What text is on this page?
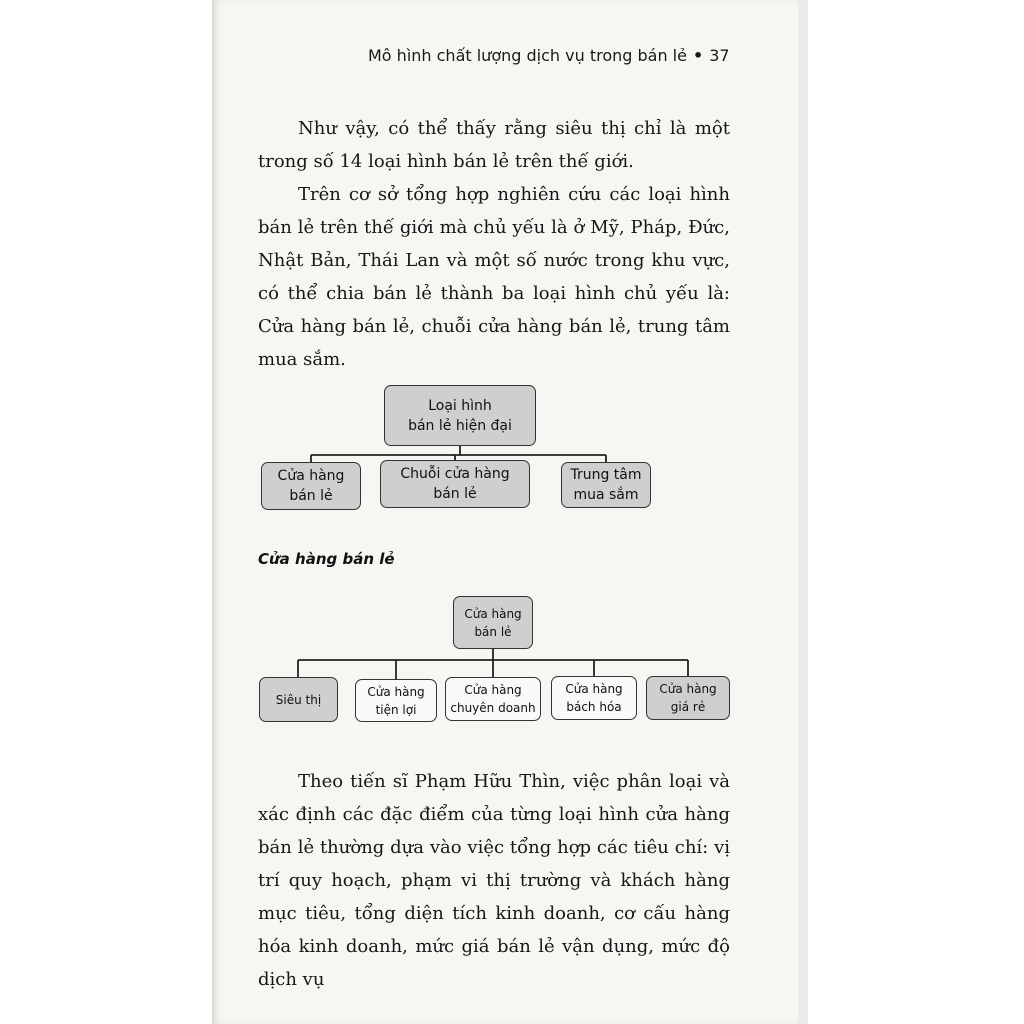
Mô hình chất lượng dịch vụ trong bán lẻ • 37

Như vậy, có thể thấy rằng siêu thị chỉ là một trong số 14 loại hình bán lẻ trên thế giới.

Trên cơ sở tổng hợp nghiên cứu các loại hình bán lẻ trên thế giới mà chủ yếu là ở Mỹ, Pháp, Đức, Nhật Bản, Thái Lan và một số nước trong khu vực, có thể chia bán lẻ thành ba loại hình chủ yếu là: Cửa hàng bán lẻ, chuỗi cửa hàng bán lẻ, trung tâm mua sắm.

Loại hình
bán lẻ hiện đại
Cửa hàng
bán lẻ
Chuỗi cửa hàng
bán lẻ
Trung tâm
mua sắm
Cửa hàng bán lẻ
Cửa hàng
bán lẻ
Siêu thị
Cửa hàng
tiện lợi
Cửa hàng
chuyên doanh
Cửa hàng
bách hóa
Cửa hàng
giá rẻ

Theo tiến sĩ Phạm Hữu Thìn, việc phân loại và xác định các đặc điểm của từng loại hình cửa hàng bán lẻ thường dựa vào việc tổng hợp các tiêu chí: vị trí quy hoạch, phạm vi thị trường và khách hàng mục tiêu, tổng diện tích kinh doanh, cơ cấu hàng hóa kinh doanh, mức giá bán lẻ vận dụng, mức độ dịch vụ
